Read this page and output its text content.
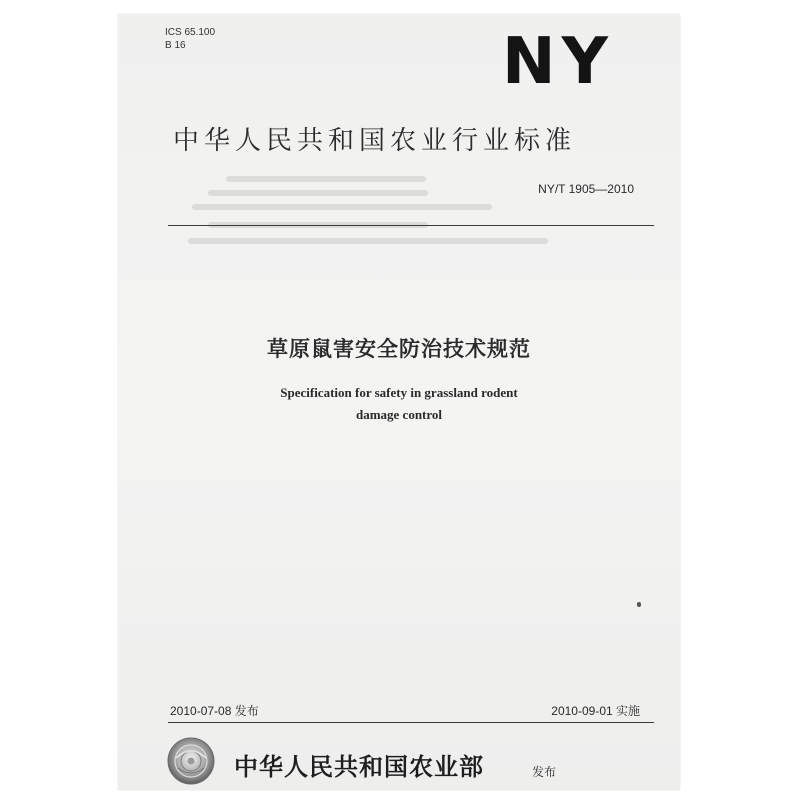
ICS 65.100
B 16	NY
中华人民共和国农业行业标准
NY/T 1905—2010
草原鼠害安全防治技术规范
Specification for safety in grassland rodent
damage control
2010-07-08 发布	2010-09-01 实施
中华人民共和国农业部	发布
